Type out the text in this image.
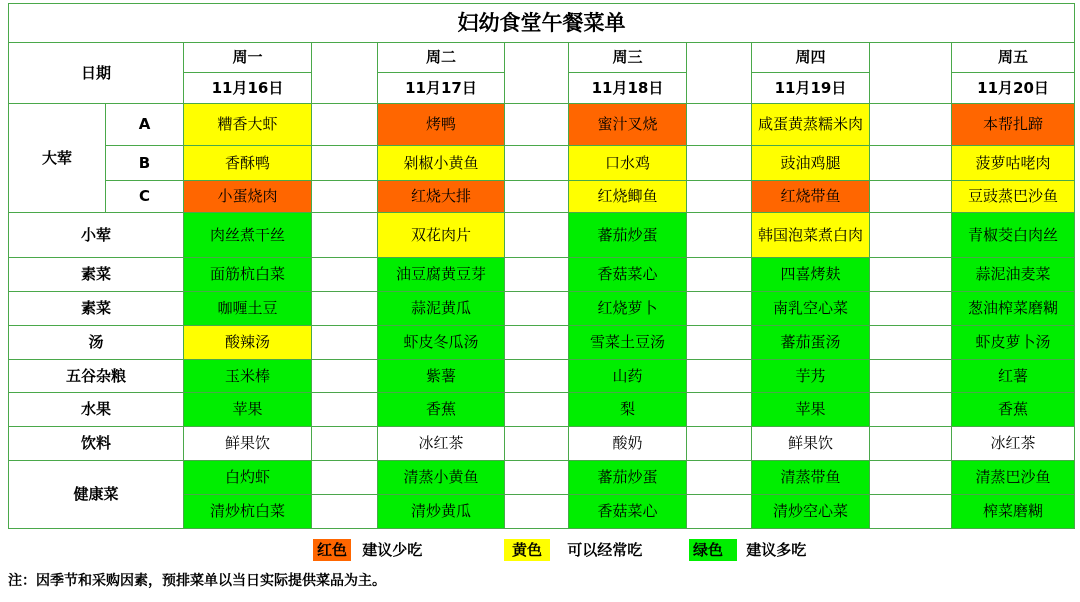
妇幼食堂午餐菜单										
日期		周一		周二		周三		周四		周五
		11月16日		11月17日		11月18日		11月19日		11月20日
大荤	A	糟香大虾		烤鸭		蜜汁叉烧		咸蛋黄蒸糯米肉		本帮扎蹄
	B	香酥鸭		剁椒小黄鱼		口水鸡		豉油鸡腿		菠萝咕咾肉
	C	小蛋烧肉		红烧大排		红烧鲫鱼		红烧带鱼		豆豉蒸巴沙鱼
小荤		肉丝煮干丝		双花肉片		蕃茄炒蛋		韩国泡菜煮白肉		青椒茭白肉丝
素菜		面筋杭白菜		油豆腐黄豆芽		香菇菜心		四喜烤麸		蒜泥油麦菜
素菜		咖喱土豆		蒜泥黄瓜		红烧萝卜		南乳空心菜		葱油榨菜磨糊
汤		酸辣汤		虾皮冬瓜汤		雪菜土豆汤		蕃茄蛋汤		虾皮萝卜汤
五谷杂粮		玉米棒		紫薯		山药		芋艿		红薯
水果		苹果		香蕉		梨		苹果		香蕉
饮料		鲜果饮		冰红茶		酸奶		鲜果饮		冰红茶
健康菜		白灼虾		清蒸小黄鱼		蕃茄炒蛋		清蒸带鱼		清蒸巴沙鱼
		清炒杭白菜		清炒黄瓜		香菇菜心		清炒空心菜		榨菜磨糊
红色 建议少吃	黄色 可以经常吃	绿色 建议多吃
注：因季节和采购因素，预排菜单以当日实际提供菜品为主。
